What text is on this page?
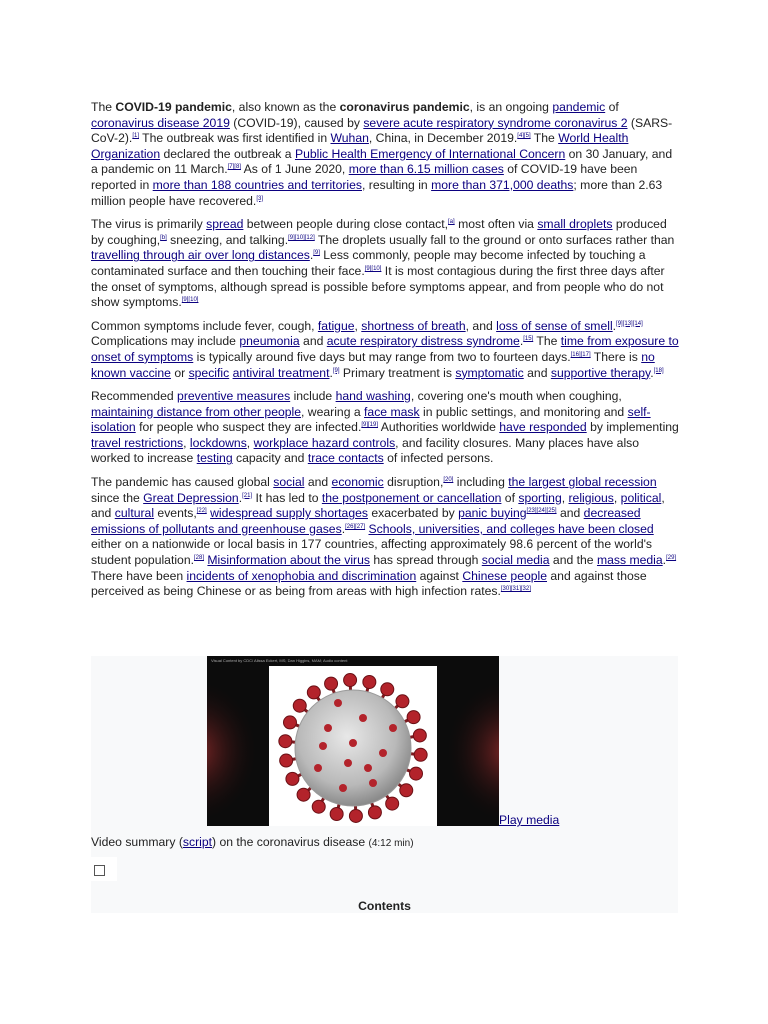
The COVID-19 pandemic, also known as the coronavirus pandemic, is an ongoing pandemic of coronavirus disease 2019 (COVID-19), caused by severe acute respiratory syndrome coronavirus 2 (SARS-CoV-2).[1] The outbreak was first identified in Wuhan, China, in December 2019.[4][5] The World Health Organization declared the outbreak a Public Health Emergency of International Concern on 30 January, and a pandemic on 11 March.[7][8] As of 1 June 2020, more than 6.15 million cases of COVID-19 have been reported in more than 188 countries and territories, resulting in more than 371,000 deaths; more than 2.63 million people have recovered.[3]

The virus is primarily spread between people during close contact,[a] most often via small droplets produced by coughing,[b] sneezing, and talking.[9][10][12] The droplets usually fall to the ground or onto surfaces rather than travelling through air over long distances.[9] Less commonly, people may become infected by touching a contaminated surface and then touching their face.[9][10] It is most contagious during the first three days after the onset of symptoms, although spread is possible before symptoms appear, and from people who do not show symptoms.[9][10]

Common symptoms include fever, cough, fatigue, shortness of breath, and loss of sense of smell.[9][13][14] Complications may include pneumonia and acute respiratory distress syndrome.[15] The time from exposure to onset of symptoms is typically around five days but may range from two to fourteen days.[16][17] There is no known vaccine or specific antiviral treatment.[9] Primary treatment is symptomatic and supportive therapy.[18]

Recommended preventive measures include hand washing, covering one's mouth when coughing, maintaining distance from other people, wearing a face mask in public settings, and monitoring and self-isolation for people who suspect they are infected.[9][19] Authorities worldwide have responded by implementing travel restrictions, lockdowns, workplace hazard controls, and facility closures. Many places have also worked to increase testing capacity and trace contacts of infected persons.

The pandemic has caused global social and economic disruption,[20] including the largest global recession since the Great Depression.[21] It has led to the postponement or cancellation of sporting, religious, political, and cultural events,[22] widespread supply shortages exacerbated by panic buying[23][24][25] and decreased emissions of pollutants and greenhouse gases.[26][27] Schools, universities, and colleges have been closed either on a nationwide or local basis in 177 countries, affecting approximately 98.6 percent of the world's student population.[28] Misinformation about the virus has spread through social media and the mass media.[29] There have been incidents of xenophobia and discrimination against Chinese people and against those perceived as being Chinese or as being from areas with high infection rates.[30][31][32]

Visual Content by CDC/ Alissa Eckert, MS; Dan Higgins, MAM; Audio content
Play media
Video summary (script) on the coronavirus disease (4:12 min)
Contents
